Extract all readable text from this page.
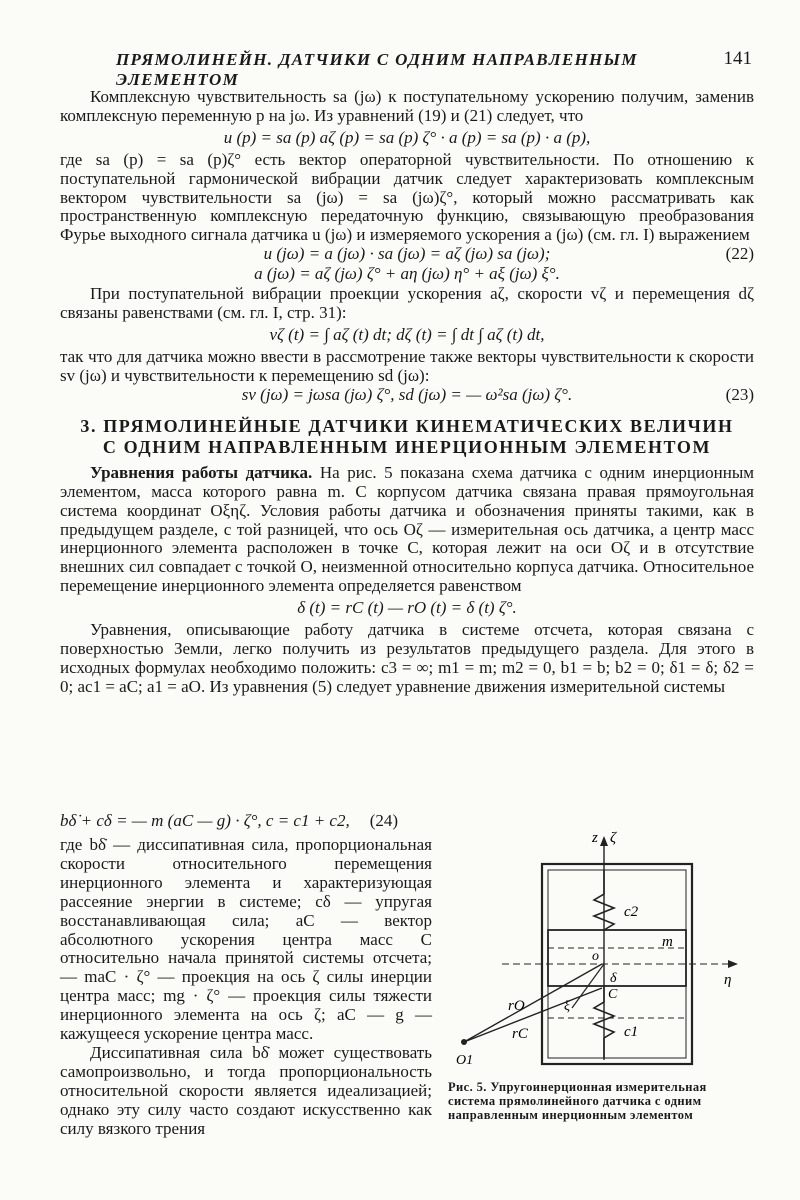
ПРЯМОЛИНЕЙН. ДАТЧИКИ С ОДНИМ НАПРАВЛЕННЫМ ЭЛЕМЕНТОМ
141

Комплексную чувствительность sa (jω) к поступательному ускорению получим, заменив комплексную переменную p на jω. Из уравнений (19) и (21) следует, что

u (p) = sa (p) aζ (p) = sa (p) ζ° · a (p) = sa (p) · a (p),

где sa (p) = sa (p)ζ° есть вектор операторной чувствительности. По отношению к поступательной гармонической вибрации датчик следует характеризовать комплексным вектором чувствительности sa (jω) = sa (jω)ζ°, который можно рассматривать как пространственную комплексную передаточную функцию, связывающую преобразования Фурье выходного сигнала датчика u (jω) и измеряемого ускорения a (jω) (см. гл. I) выражением

u (jω) = a (jω) · sa (jω) = aζ (jω) sa (jω);	(22)
a (jω) = aζ (jω) ζ° + aη (jω) η° + aξ (jω) ξ°.

При поступательной вибрации проекции ускорения aζ, скорости vζ и перемещения dζ связаны равенствами (см. гл. I, стр. 31):

vζ (t) = ∫ aζ (t) dt; dζ (t) = ∫ dt ∫ aζ (t) dt,

так что для датчика можно ввести в рассмотрение также векторы чувствительности к скорости sv (jω) и чувствительности к перемещению sd (jω):

sv (jω) = jωsa (jω) ζ°, sd (jω) = — ω²sa (jω) ζ°.	(23)
3. ПРЯМОЛИНЕЙНЫЕ ДАТЧИКИ КИНЕМАТИЧЕСКИХ ВЕЛИЧИН
С ОДНИМ НАПРАВЛЕННЫМ ИНЕРЦИОННЫМ ЭЛЕМЕНТОМ

Уравнения работы датчика. На рис. 5 показана схема датчика с одним инерционным элементом, масса которого равна m. С корпусом датчика связана правая прямоугольная система координат Oξηζ. Условия работы датчика и обозначения приняты такими, как в предыдущем разделе, с той разницей, что ось Oζ — измерительная ось датчика, а центр масс инерционного элемента расположен в точке C, которая лежит на оси Oζ и в отсутствие внешних сил совпадает с точкой O, неизменной относительно корпуса датчика. Относительное перемещение инерционного элемента определяется равенством

δ (t) = rC (t) — rO (t) = δ (t) ζ°.

Уравнения, описывающие работу датчика в системе отсчета, которая связана с поверхностью Земли, легко получить из результатов предыдущего раздела. Для этого в исходных формулах необходимо положить: c3 = ∞; m1 = m; m2 = 0, b1 = b; b2 = 0; δ1 = δ; δ2 = 0; ac1 = aC; a1 = aO. Из уравнения (5) следует уравнение движения измерительной системы

bδ̇ + cδ = — m (aC — g) · ζ°, c = c1 + c2, (24)

где bδ̇ — диссипативная сила, пропорциональная скорости относительного перемещения инерционного элемента и характеризующая рассеяние энергии в системе; cδ — упругая восстанавливающая сила; aC — вектор абсолютного ускорения центра масс C относительно начала принятой системы отсчета; — maC · ζ° — проекция на ось ζ силы инерции центра масс; mg · ζ° — проекция силы тяжести инерционного элемента на ось ζ; aC — g — кажущееся ускорение центра масс.

Диссипативная сила bδ̇ может существовать самопроизвольно, и тогда пропорциональность относительной скорости является идеализацией; однако эту силу часто создают искусственно как силу вязкого трения

z ζ
c2
m
η
o
δ
C
c1
ξ
O1
rO
rC
Рис. 5. Упругоинерционная измерительная система прямолинейного датчика с одним направленным инерционным элементом
